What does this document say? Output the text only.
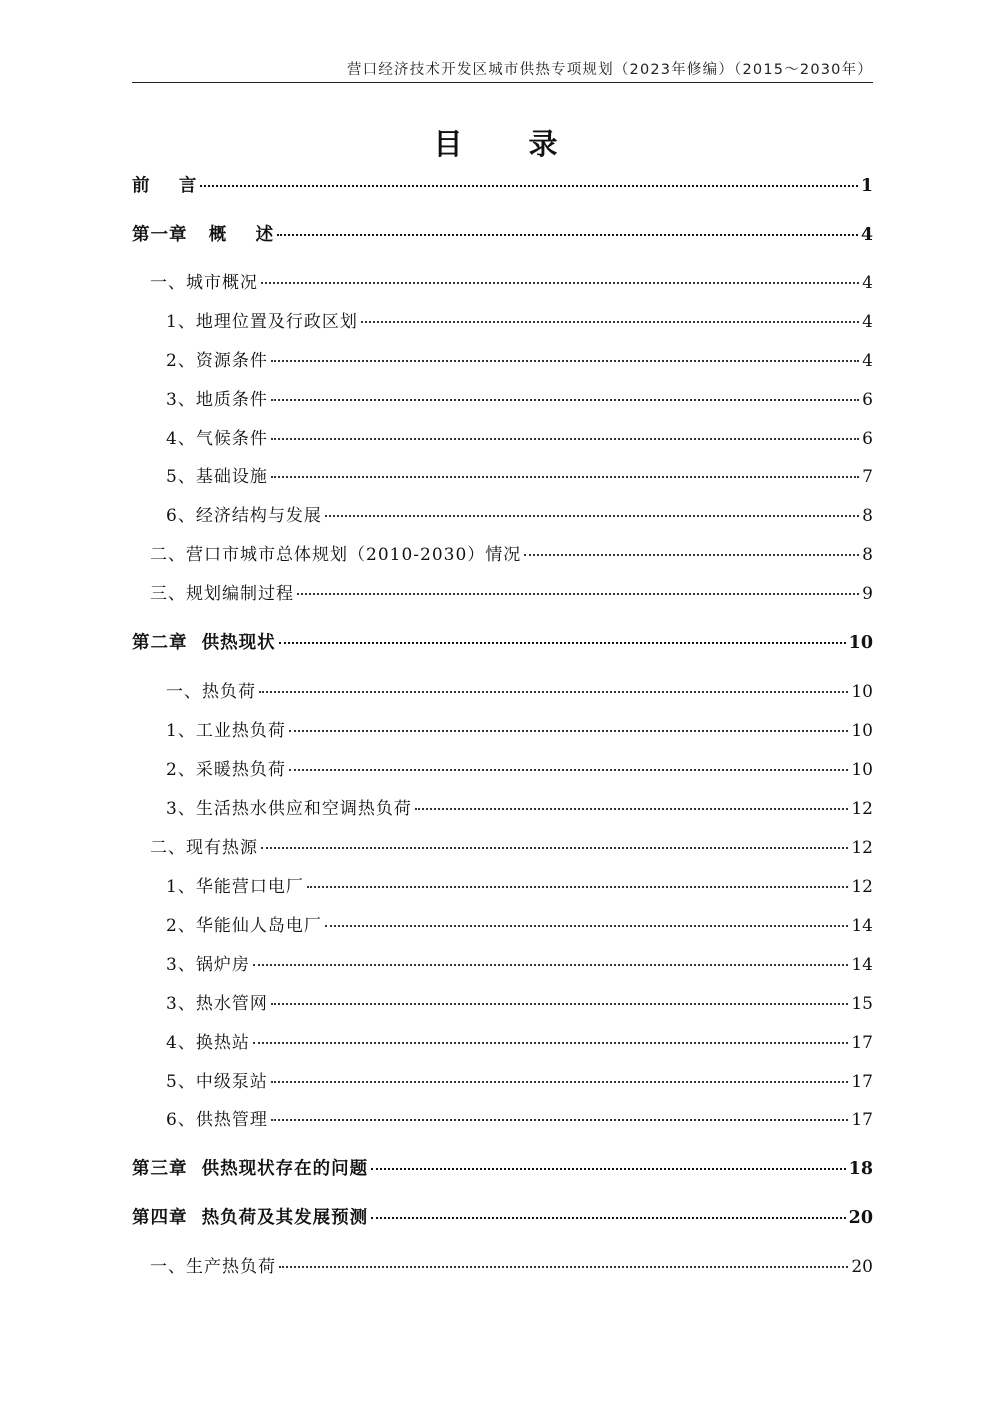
营口经济技术开发区城市供热专项规划（2023年修编）（2015～2030年）
目 录
前    言	1
第一章   概    述	4
一、城市概况	4
1、地理位置及行政区划	4
2、资源条件	4
3、地质条件	6
4、气候条件	6
5、基础设施	7
6、经济结构与发展	8
二、营口市城市总体规划（2010-2030）情况	8
三、规划编制过程	9
第二章  供热现状	10
一、热负荷	10
1、工业热负荷	10
2、采暖热负荷	10
3、生活热水供应和空调热负荷	12
二、现有热源	12
1、华能营口电厂	12
2、华能仙人岛电厂	14
3、锅炉房	14
3、热水管网	15
4、换热站	17
5、中级泵站	17
6、供热管理	17
第三章  供热现状存在的问题	18
第四章  热负荷及其发展预测	20
一、生产热负荷	20
